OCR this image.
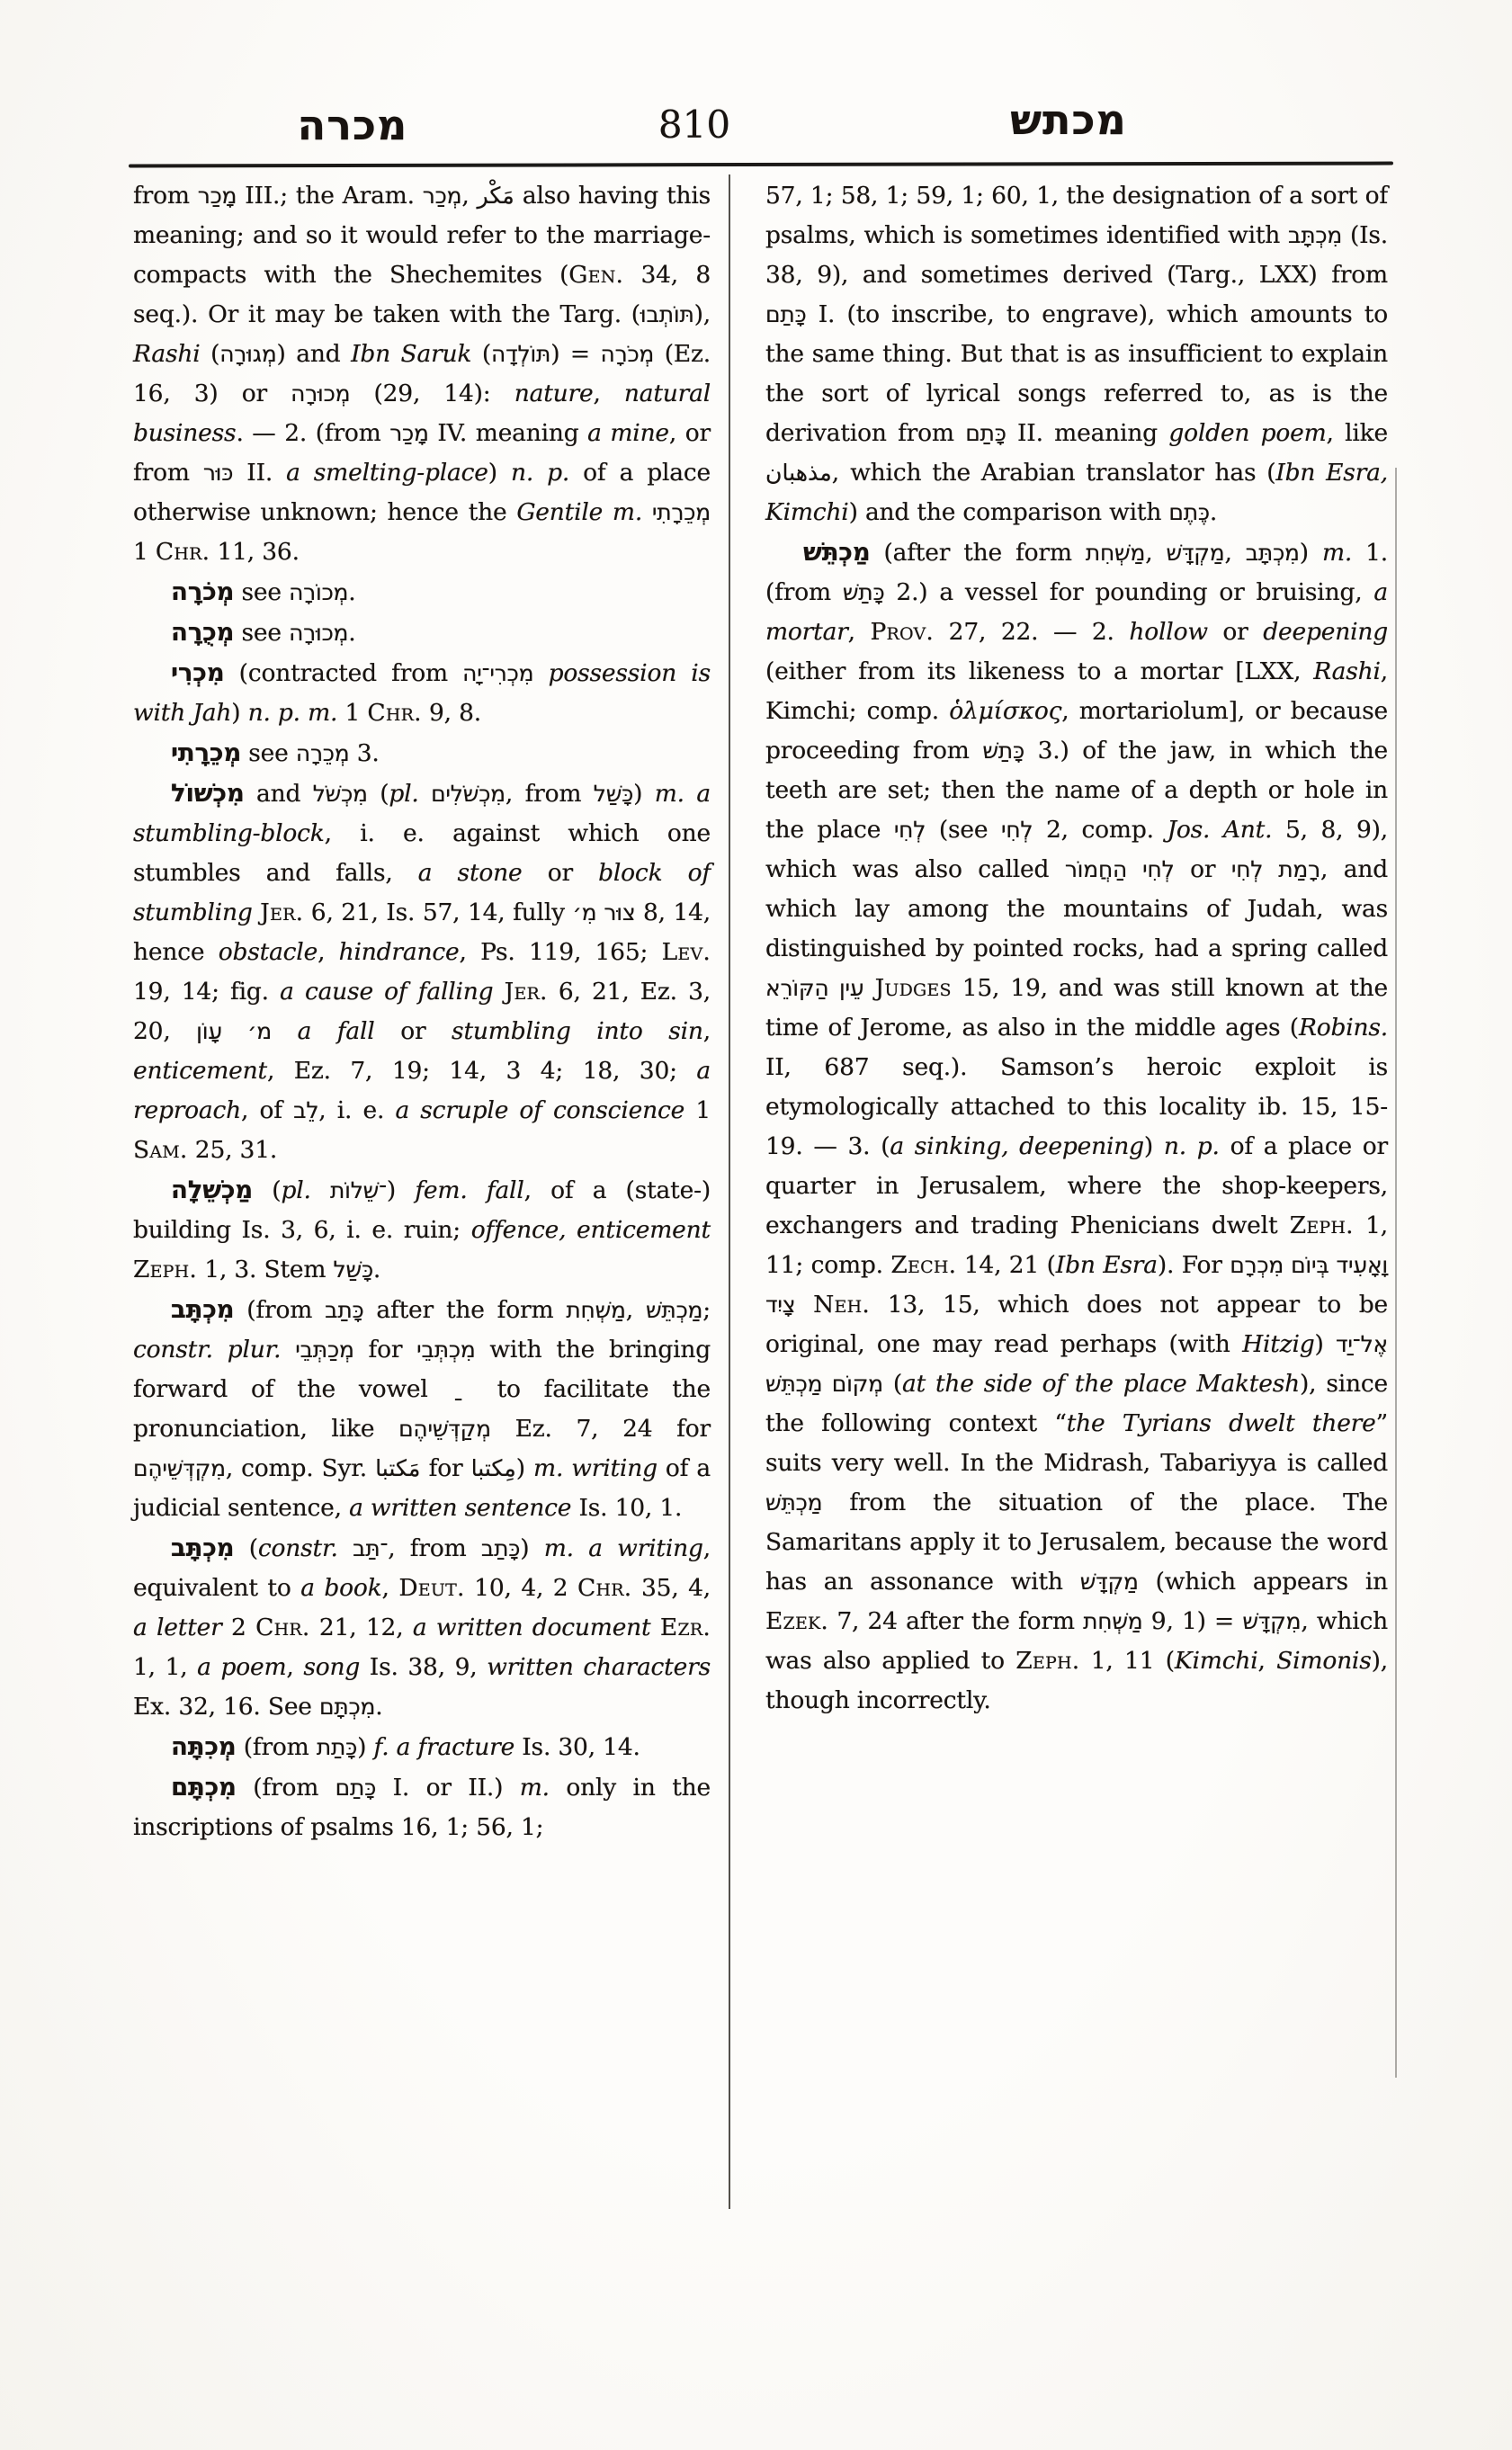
מכרה	810	מכתש

from מָכַר III.; the Aram. מְכַר, مَكْر also having this meaning; and so it would refer to the marriage-compacts with the Shechemites (Gen. 34, 8 seq.). Or it may be taken with the Targ. (תּוֹתְבוּ), Rashi (מְגוּרָה) and Ibn Saruk (תּוֹלְדָה) = מְכֹרָה (Ez. 16, 3) or מְכוּרָה (29, 14): nature, natural business. — 2. (from מָכַר IV. meaning a mine, or from כּוּר II. a smelting-place) n. p. of a place otherwise unknown; hence the Gentile m. מְכֵרָתִי 1 Chr. 11, 36.

מְכֹרָה see מְכוֹרָה.

מְכֻרָה see מְכוּרָה.

מִכְרִי (contracted from מִכְרִי־יָה possession is with Jah) n. p. m. 1 Chr. 9, 8.

מְכֵרָתִי see מְכֵרָה 3.

מִכְשׁוֹל and מִכְשֹׁל (pl. מִכְשֹׁלִים, from כָּשַׁל) m. a stumbling-block, i. e. against which one stumbles and falls, a stone or block of stumbling Jer. 6, 21, Is. 57, 14, fully צוּר מִ׳ 8, 14, hence obstacle, hindrance, Ps. 119, 165; Lev. 19, 14; fig. a cause of falling Jer. 6, 21, Ez. 3, 20, מ׳ עָוֹן a fall or stumbling into sin, enticement, Ez. 7, 19; 14, 3 4; 18, 30; a reproach, of לֵב, i. e. a scruple of conscience 1 Sam. 25, 31.

מַכְשֵׁלָה (pl. ־שֵׁלוֹת) fem. fall, of a (state-) building Is. 3, 6, i. e. ruin; offence, enticement Zeph. 1, 3. Stem כָּשַׁל.

מִכְתָּב (from כָּתַב after the form מַשְׁחִת, מַכְתֵּשׁ; constr. plur. מְכַתְּבֵי for מִכְתְּבֵי with the bringing forward of the vowel  ַ to facilitate the pronunciation, like מְקַדְּשֵׁיהֶם Ez. 7, 24 for מִקְדְּשֵׁיהֶם, comp. Syr. مَكتبا for مِكتبا) m. writing of a judicial sentence, a written sentence Is. 10, 1.

מִכְתָּב (constr. ־תַּב, from כָּתַב) m. a writing, equivalent to a book, Deut. 10, 4, 2 Chr. 35, 4, a letter 2 Chr. 21, 12, a written document Ezr. 1, 1, a poem, song Is. 38, 9, written characters Ex. 32, 16. See מִכְתָּם.

מְכִתָּה (from כָּתַת) f. a fracture Is. 30, 14.

מִכְתָּם (from כָּתַם I. or II.) m. only in the inscriptions of psalms 16, 1; 56, 1;

57, 1; 58, 1; 59, 1; 60, 1, the designation of a sort of psalms, which is sometimes identified with מִכְתָּב (Is. 38, 9), and sometimes derived (Targ., LXX) from כָּתַם I. (to inscribe, to engrave), which amounts to the same thing. But that is as insufficient to explain the sort of lyrical songs referred to, as is the derivation from כָּתַם II. meaning golden poem, like مذهبان, which the Arabian translator has (Ibn Esra, Kimchi) and the comparison with כֶּתֶם.

מַכְתֵּשׁ (after the form מַשְׁחִת, מַקְדָּשׁ, מִכְתָּב) m. 1. (from כָּתַשׁ 2.) a vessel for pounding or bruising, a mortar, Prov. 27, 22. — 2. hollow or deepening (either from its likeness to a mortar [LXX, Rashi, Kimchi; comp. ὁλμίσκος, mortariolum], or because proceeding from כָּתַשׁ 3.) of the jaw, in which the teeth are set; then the name of a depth or hole in the place לְחִי (see לְחִי 2, comp. Jos. Ant. 5, 8, 9), which was also called לְחִי הַחֲמוֹר or רָמַת לְחִי, and which lay among the mountains of Judah, was distinguished by pointed rocks, had a spring called עֵין הַקּוֹרֵא Judges 15, 19, and was still known at the time of Jerome, as also in the middle ages (Robins. II, 687 seq.). Samson’s heroic exploit is etymologically attached to this locality ib. 15, 15-19. — 3. (a sinking, deepening) n. p. of a place or quarter in Jerusalem, where the shop-keepers, exchangers and trading Phenicians dwelt Zeph. 1, 11; comp. Zech. 14, 21 (Ibn Esra). For וָאָעִיד בְּיוֹם מִכְרָם צָיִד Neh. 13, 15, which does not appear to be original, one may read perhaps (with Hitzig) אֶל־יַד מְקוֹם מַכְתֵּשׁ (at the side of the place Maktesh), since the following context “the Tyrians dwelt there” suits very well. In the Midrash, Tabariyya is called מַכְתֵּשׁ from the situation of the place. The Samaritans apply it to Jerusalem, because the word has an assonance with מַקְדָּשׁ (which appears in Ezek. 7, 24 after the form מַשְׁחִת 9, 1) = מִקְדָּשׁ, which was also applied to Zeph. 1, 11 (Kimchi, Simonis), though incorrectly.
